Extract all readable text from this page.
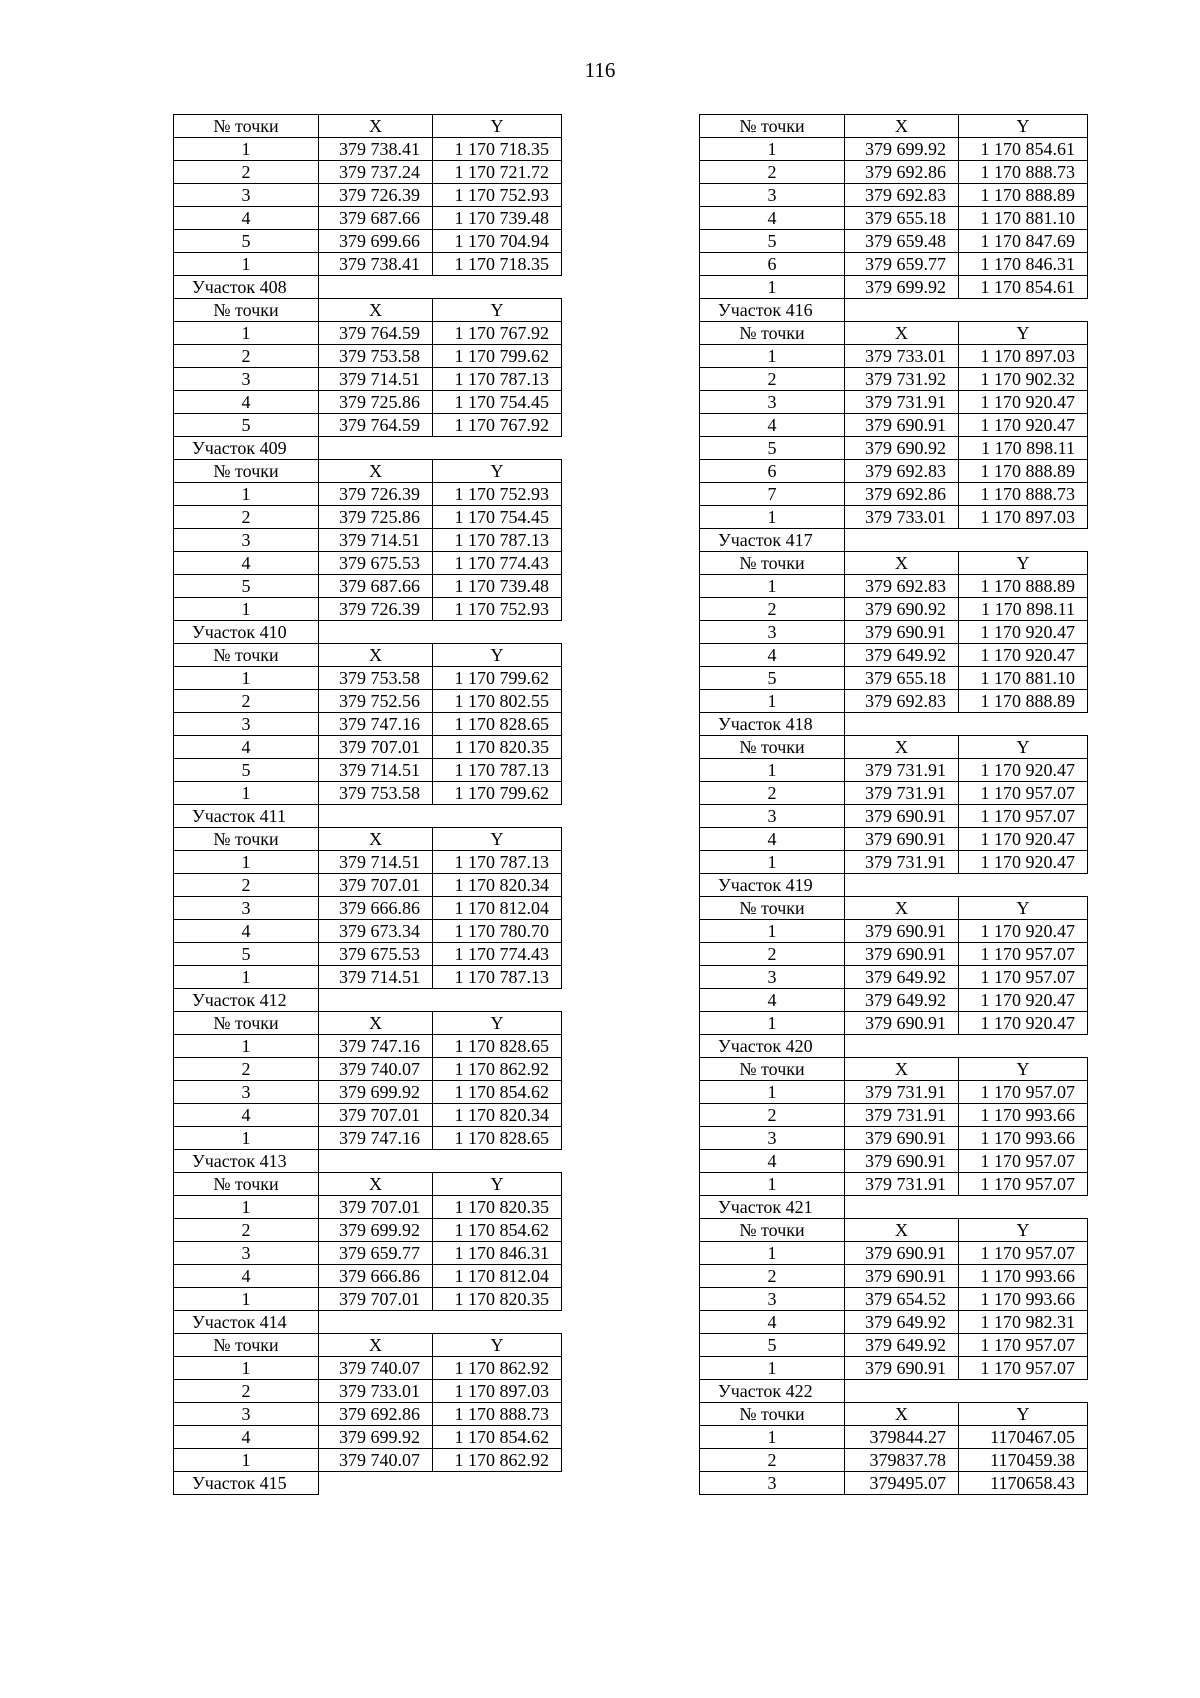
116
№ точки	X	Y
1	379 738.41	1 170 718.35
2	379 737.24	1 170 721.72
3	379 726.39	1 170 752.93
4	379 687.66	1 170 739.48
5	379 699.66	1 170 704.94
1	379 738.41	1 170 718.35
Участок 408		
№ точки	X	Y
1	379 764.59	1 170 767.92
2	379 753.58	1 170 799.62
3	379 714.51	1 170 787.13
4	379 725.86	1 170 754.45
5	379 764.59	1 170 767.92
Участок 409		
№ точки	X	Y
1	379 726.39	1 170 752.93
2	379 725.86	1 170 754.45
3	379 714.51	1 170 787.13
4	379 675.53	1 170 774.43
5	379 687.66	1 170 739.48
1	379 726.39	1 170 752.93
Участок 410		
№ точки	X	Y
1	379 753.58	1 170 799.62
2	379 752.56	1 170 802.55
3	379 747.16	1 170 828.65
4	379 707.01	1 170 820.35
5	379 714.51	1 170 787.13
1	379 753.58	1 170 799.62
Участок 411		
№ точки	X	Y
1	379 714.51	1 170 787.13
2	379 707.01	1 170 820.34
3	379 666.86	1 170 812.04
4	379 673.34	1 170 780.70
5	379 675.53	1 170 774.43
1	379 714.51	1 170 787.13
Участок 412		
№ точки	X	Y
1	379 747.16	1 170 828.65
2	379 740.07	1 170 862.92
3	379 699.92	1 170 854.62
4	379 707.01	1 170 820.34
1	379 747.16	1 170 828.65
Участок 413		
№ точки	X	Y
1	379 707.01	1 170 820.35
2	379 699.92	1 170 854.62
3	379 659.77	1 170 846.31
4	379 666.86	1 170 812.04
1	379 707.01	1 170 820.35
Участок 414		
№ точки	X	Y
1	379 740.07	1 170 862.92
2	379 733.01	1 170 897.03
3	379 692.86	1 170 888.73
4	379 699.92	1 170 854.62
1	379 740.07	1 170 862.92
Участок 415		
№ точки	X	Y
1	379 699.92	1 170 854.61
2	379 692.86	1 170 888.73
3	379 692.83	1 170 888.89
4	379 655.18	1 170 881.10
5	379 659.48	1 170 847.69
6	379 659.77	1 170 846.31
1	379 699.92	1 170 854.61
Участок 416		
№ точки	X	Y
1	379 733.01	1 170 897.03
2	379 731.92	1 170 902.32
3	379 731.91	1 170 920.47
4	379 690.91	1 170 920.47
5	379 690.92	1 170 898.11
6	379 692.83	1 170 888.89
7	379 692.86	1 170 888.73
1	379 733.01	1 170 897.03
Участок 417		
№ точки	X	Y
1	379 692.83	1 170 888.89
2	379 690.92	1 170 898.11
3	379 690.91	1 170 920.47
4	379 649.92	1 170 920.47
5	379 655.18	1 170 881.10
1	379 692.83	1 170 888.89
Участок 418		
№ точки	X	Y
1	379 731.91	1 170 920.47
2	379 731.91	1 170 957.07
3	379 690.91	1 170 957.07
4	379 690.91	1 170 920.47
1	379 731.91	1 170 920.47
Участок 419		
№ точки	X	Y
1	379 690.91	1 170 920.47
2	379 690.91	1 170 957.07
3	379 649.92	1 170 957.07
4	379 649.92	1 170 920.47
1	379 690.91	1 170 920.47
Участок 420		
№ точки	X	Y
1	379 731.91	1 170 957.07
2	379 731.91	1 170 993.66
3	379 690.91	1 170 993.66
4	379 690.91	1 170 957.07
1	379 731.91	1 170 957.07
Участок 421		
№ точки	X	Y
1	379 690.91	1 170 957.07
2	379 690.91	1 170 993.66
3	379 654.52	1 170 993.66
4	379 649.92	1 170 982.31
5	379 649.92	1 170 957.07
1	379 690.91	1 170 957.07
Участок 422		
№ точки	X	Y
1	379844.27	1170467.05
2	379837.78	1170459.38
3	379495.07	1170658.43
